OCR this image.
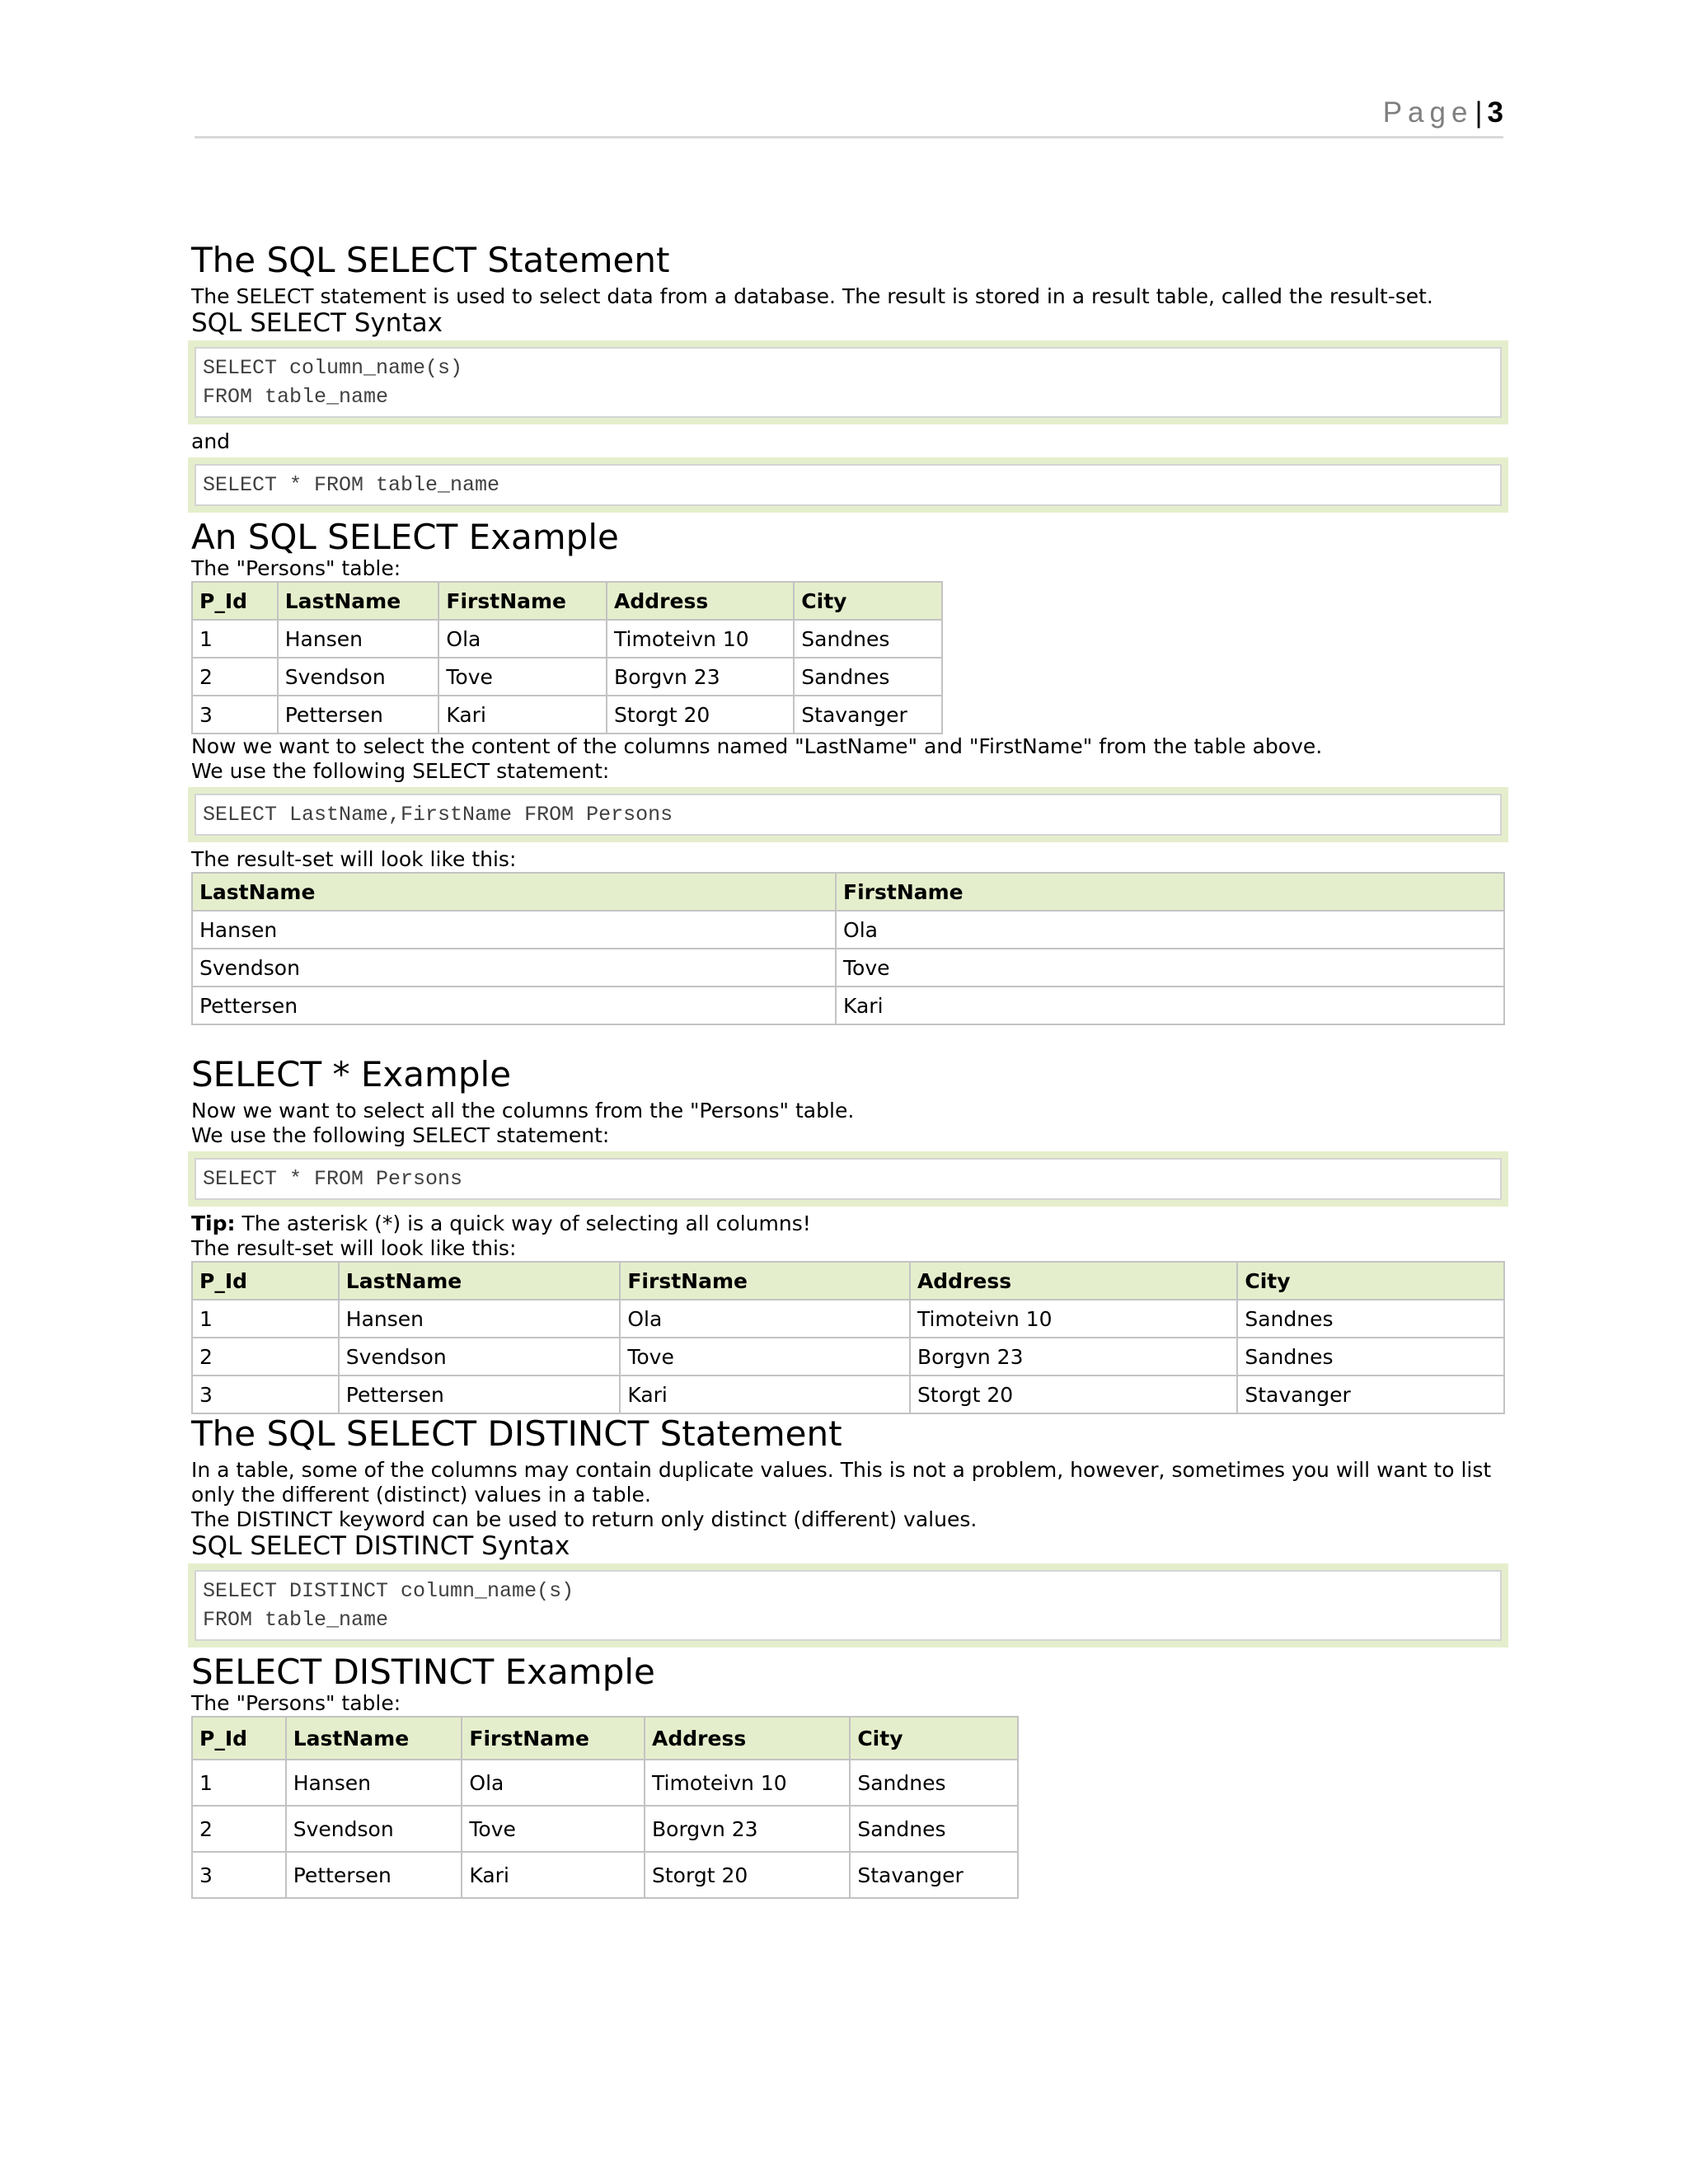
Page| 3
The SQL SELECT Statement

The SELECT statement is used to select data from a database. The result is stored in a result table, called the result-set.

SQL SELECT Syntax
SELECT column_name(s)
FROM table_name

and

SELECT * FROM table_name
An SQL SELECT Example

The "Persons" table:

P_Id	LastName	FirstName	Address	City
1	Hansen	Ola	Timoteivn 10	Sandnes
2	Svendson	Tove	Borgvn 23	Sandnes
3	Pettersen	Kari	Storgt 20	Stavanger

Now we want to select the content of the columns named "LastName" and "FirstName" from the table above.

We use the following SELECT statement:

SELECT LastName,FirstName FROM Persons

The result-set will look like this:

LastName	FirstName
Hansen	Ola
Svendson	Tove
Pettersen	Kari
SELECT * Example

Now we want to select all the columns from the "Persons" table.

We use the following SELECT statement:

SELECT * FROM Persons

Tip: The asterisk (*) is a quick way of selecting all columns!

The result-set will look like this:

P_Id	LastName	FirstName	Address	City
1	Hansen	Ola	Timoteivn 10	Sandnes
2	Svendson	Tove	Borgvn 23	Sandnes
3	Pettersen	Kari	Storgt 20	Stavanger
The SQL SELECT DISTINCT Statement

In a table, some of the columns may contain duplicate values. This is not a problem, however, sometimes you will want to list only the different (distinct) values in a table.

The DISTINCT keyword can be used to return only distinct (different) values.

SQL SELECT DISTINCT Syntax
SELECT DISTINCT column_name(s)
FROM table_name
SELECT DISTINCT Example

The "Persons" table:

P_Id	LastName	FirstName	Address	City
1	Hansen	Ola	Timoteivn 10	Sandnes
2	Svendson	Tove	Borgvn 23	Sandnes
3	Pettersen	Kari	Storgt 20	Stavanger
